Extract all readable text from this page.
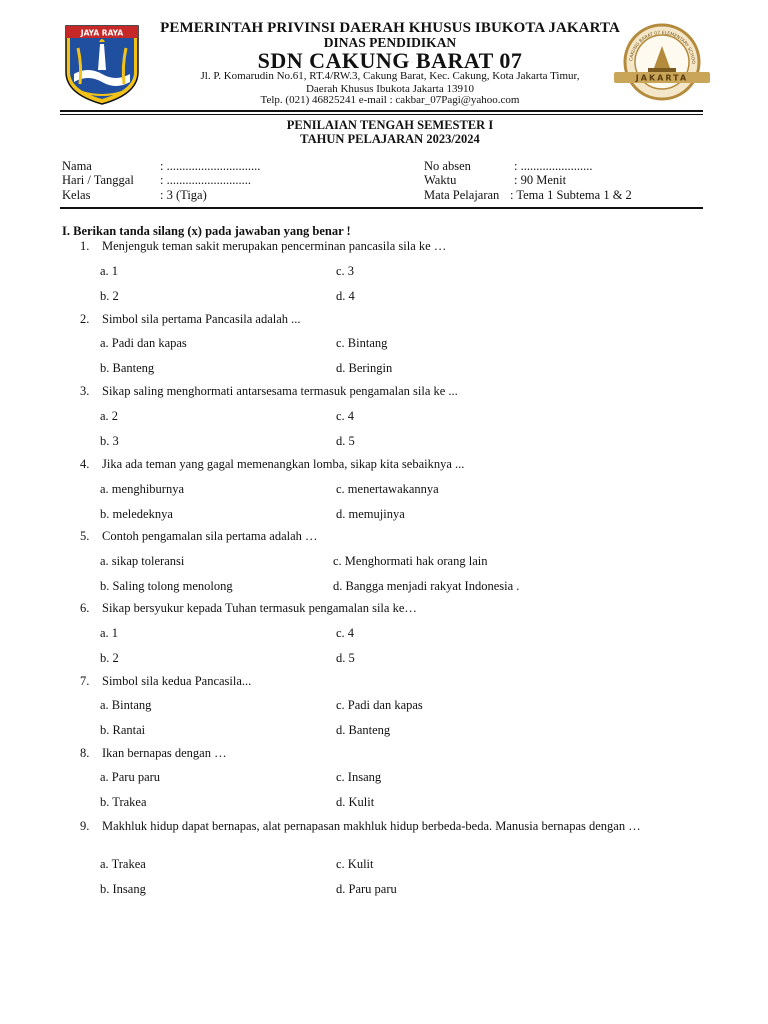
JAYA RAYA	PEMERINTAH PRIVINSI DAERAH KHUSUS IBUKOTA JAKARTA
DINAS PENDIDIKAN
SDN CAKUNG BARAT 07
Jl. P. Komarudin No.61, RT.4/RW.3, Cakung Barat, Kec. Cakung, Kota Jakarta Timur,
Daerah Khusus Ibukota Jakarta 13910
Telp. (021) 46825241 e-mail : cakbar_07Pagi@yahoo.com
CAKUNG BARAT 07 ELEMENTARY SCHOO
JAKARTA
PENILAIAN TENGAH SEMESTER I
TAHUN PELAJARAN 2023/2024
Nama	: ..............................
Hari / Tanggal : ...........................
Kelas	: 3 (Tiga)
No absen	: .......................
Waktu	: 90 Menit
Mata Pelajaran : Tema 1 Subtema 1 & 2
I. Berikan tanda silang (x) pada jawaban yang benar !
1. Menjenguk teman sakit merupakan pencerminan pancasila sila ke …
a. 1	c. 3
b. 2	d. 4
2. Simbol sila pertama Pancasila adalah ...
a. Padi dan kapas	c. Bintang
b. Banteng	d. Beringin
3. Sikap saling menghormati antarsesama termasuk pengamalan sila ke ...
a. 2	c. 4
b. 3	d. 5
4. Jika ada teman yang gagal memenangkan lomba, sikap kita sebaiknya ...
a. menghiburnya	c. menertawakannya
b. meledeknya	d. memujinya
5. Contoh pengamalan sila pertama adalah …
a. sikap toleransi	c. Menghormati hak orang lain
b. Saling tolong menolong	d. Bangga menjadi rakyat Indonesia .
6. Sikap bersyukur kepada Tuhan termasuk pengamalan sila ke…
a. 1	c. 4
b. 2	d. 5
7. Simbol sila kedua Pancasila...
a. Bintang	c. Padi dan kapas
b. Rantai	d. Banteng
8. Ikan bernapas dengan …
a. Paru paru	c. Insang
b. Trakea	d. Kulit
9. Makhluk hidup dapat bernapas, alat pernapasan makhluk hidup berbeda-beda. Manusia bernapas dengan …
a. Trakea	c. Kulit
b. Insang	d. Paru paru
